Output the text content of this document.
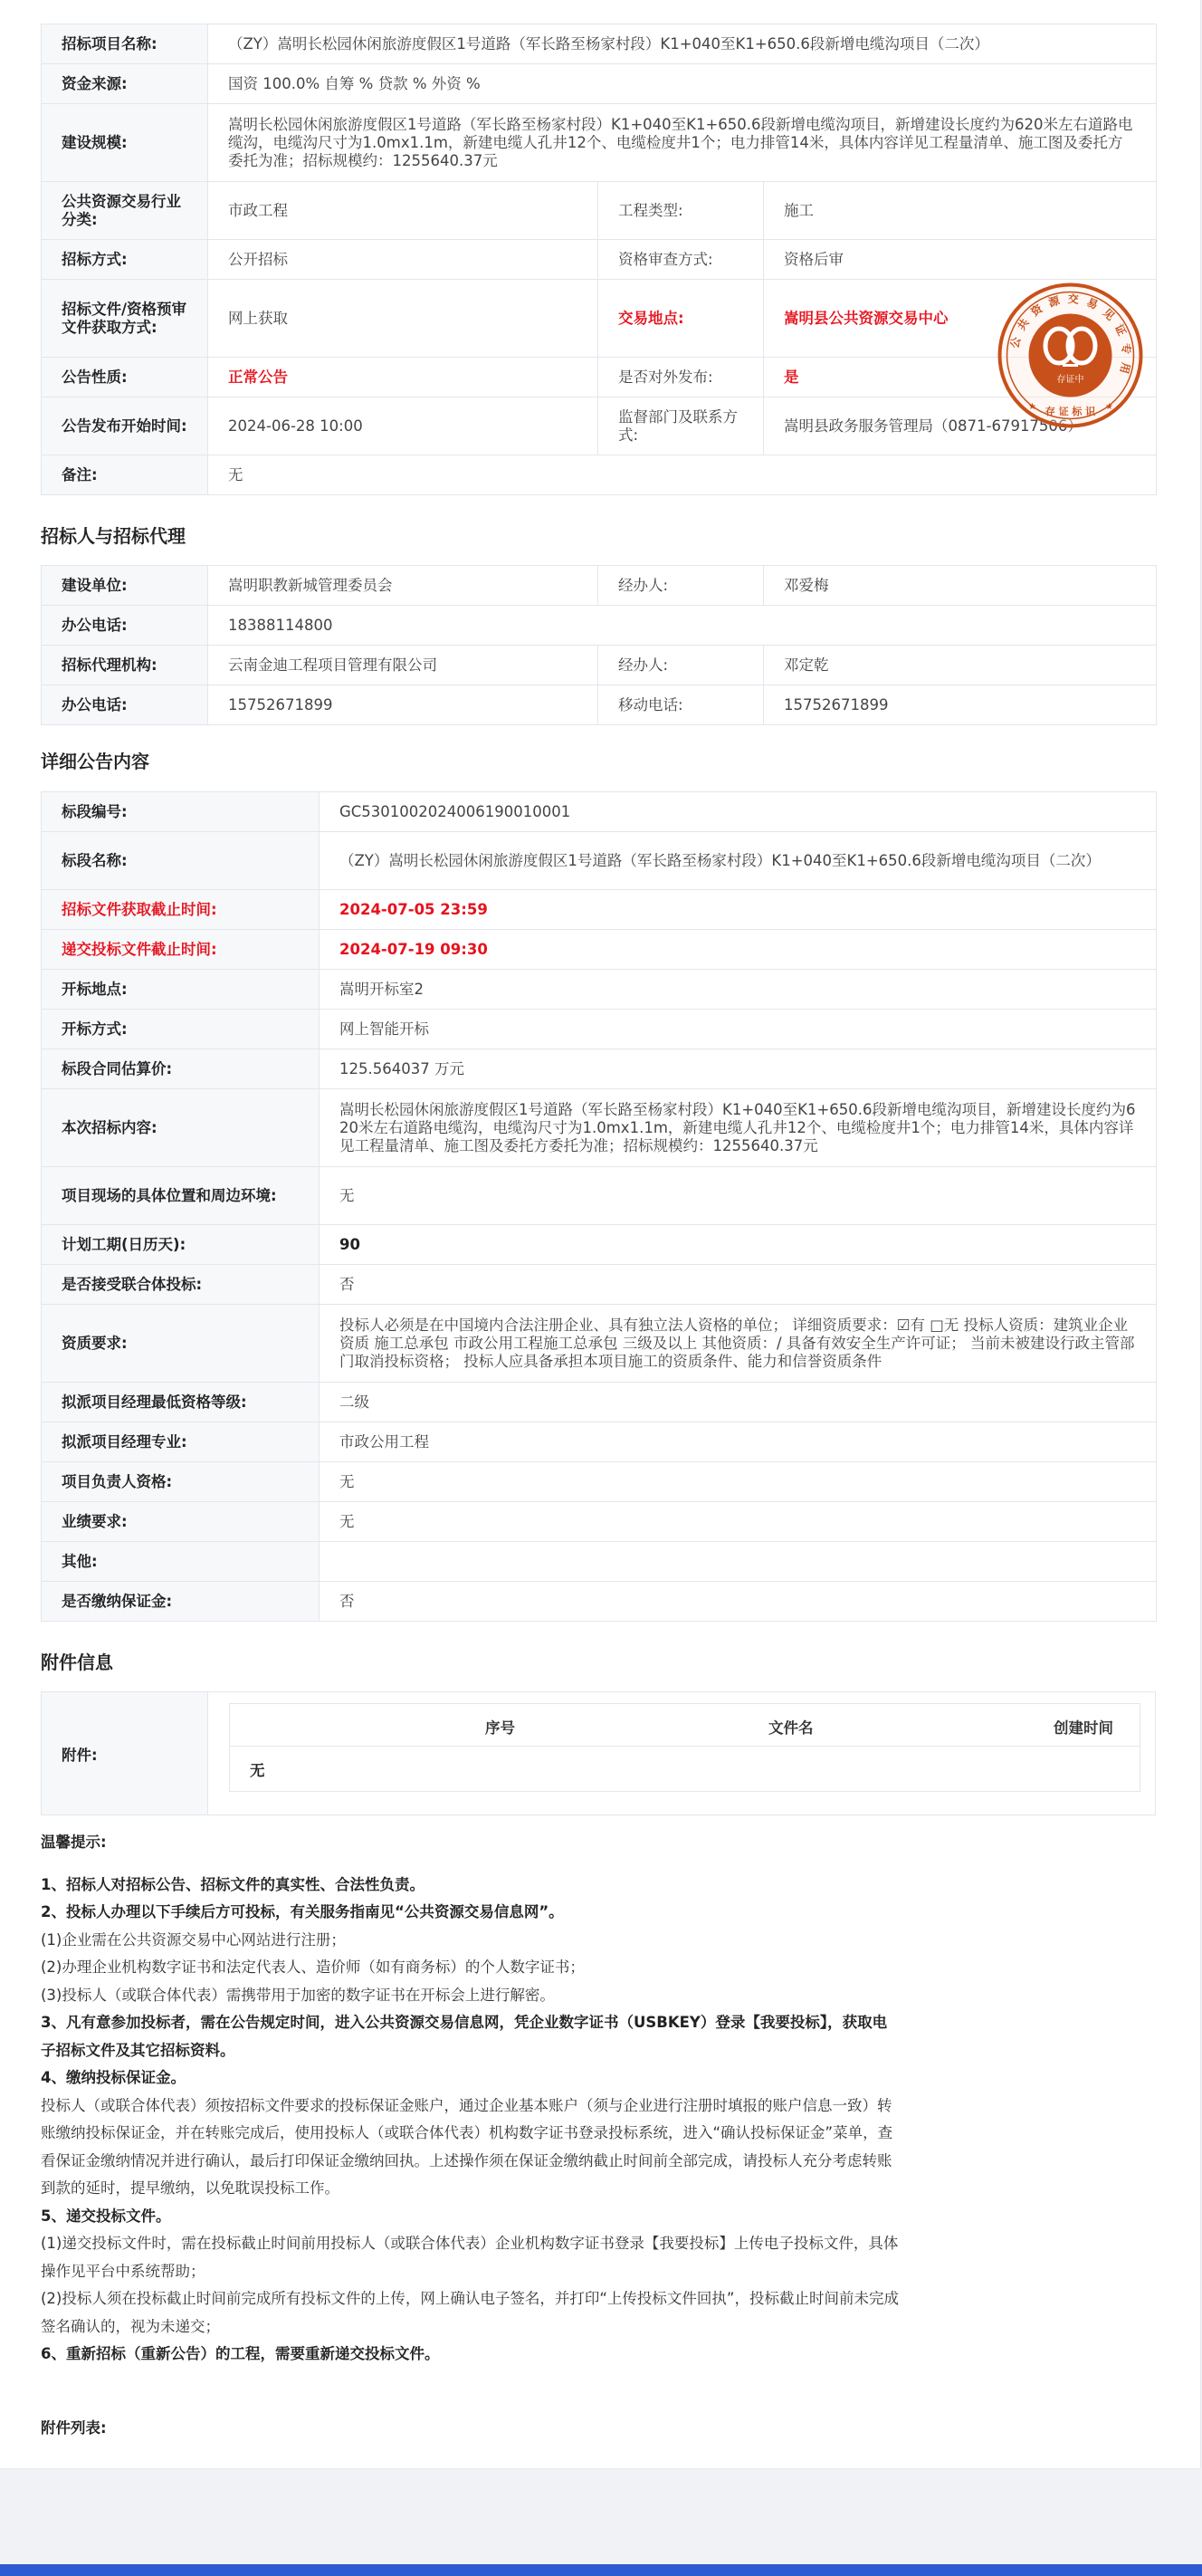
招标项目名称:	（ZY）嵩明长松园休闲旅游度假区1号道路（军长路至杨家村段）K1+040至K1+650.6段新增电缆沟项目（二次）		
资金来源:	国资 100.0% 自筹 % 贷款 % 外资 %		
建设规模:	嵩明长松园休闲旅游度假区1号道路（军长路至杨家村段）K1+040至K1+650.6段新增电缆沟项目，新增建设长度约为620米左右道路电缆沟，电缆沟尺寸为1.0mx1.1m，新建电缆人孔井12个、电缆检度井1个；电力排管14米，具体内容详见工程量清单、施工图及委托方委托为准；招标规模约：1255640.37元		
公共资源交易行业分类:	市政工程	工程类型:	施工
招标方式:	公开招标	资格审查方式:	资格后审
招标文件/资格预审文件获取方式:	网上获取	交易地点:	嵩明县公共资源交易中心
公告性质:	正常公告	是否对外发布:	是
公告发布开始时间:	2024-06-28 10:00	监督部门及联系方式:	嵩明县政务服务管理局（0871-67917506）
备注:	无		
公 共 资 源 交 易 见 证 专 用
存证中
存 证 标 识
★	★
招标人与招标代理
建设单位:	嵩明职教新城管理委员会	经办人:	邓爱梅
办公电话:	18388114800		
招标代理机构:	云南金迪工程项目管理有限公司	经办人:	邓定乾
办公电话:	15752671899	移动电话:	15752671899
详细公告内容
标段编号:	GC5301002024006190010001
标段名称:	（ZY）嵩明长松园休闲旅游度假区1号道路（军长路至杨家村段）K1+040至K1+650.6段新增电缆沟项目（二次）
招标文件获取截止时间:	2024-07-05 23:59
递交投标文件截止时间:	2024-07-19 09:30
开标地点:	嵩明开标室2
开标方式:	网上智能开标
标段合同估算价:	125.564037 万元
本次招标内容:	嵩明长松园休闲旅游度假区1号道路（军长路至杨家村段）K1+040至K1+650.6段新增电缆沟项目，新增建设长度约为620米左右道路电缆沟，电缆沟尺寸为1.0mx1.1m，新建电缆人孔井12个、电缆检度井1个；电力排管14米，具体内容详见工程量清单、施工图及委托方委托为准；招标规模约：1255640.37元
项目现场的具体位置和周边环境:	无
计划工期(日历天):	90
是否接受联合体投标:	否
资质要求:	投标人必须是在中国境内合法注册企业、具有独立法人资格的单位； 详细资质要求：☑有 □无 投标人资质：建筑业企业资质 施工总承包 市政公用工程施工总承包 三级及以上 其他资质：/ 具备有效安全生产许可证； 当前未被建设行政主管部门取消投标资格； 投标人应具备承担本项目施工的资质条件、能力和信誉资质条件
拟派项目经理最低资格等级:	二级
拟派项目经理专业:	市政公用工程
项目负责人资格:	无
业绩要求:	无
其他:	
是否缴纳保证金:	否
附件信息
附件:
序号	文件名	创建时间
无

温馨提示:

1、招标人对招标公告、招标文件的真实性、合法性负责。

2、投标人办理以下手续后方可投标，有关服务指南见“公共资源交易信息网”。

(1)企业需在公共资源交易中心网站进行注册；

(2)办理企业机构数字证书和法定代表人、造价师（如有商务标）的个人数字证书；

(3)投标人（或联合体代表）需携带用于加密的数字证书在开标会上进行解密。

3、凡有意参加投标者，需在公告规定时间，进入公共资源交易信息网，凭企业数字证书（USBKEY）登录【我要投标】，获取电子招标文件及其它招标资料。

4、缴纳投标保证金。

投标人（或联合体代表）须按招标文件要求的投标保证金账户，通过企业基本账户（须与企业进行注册时填报的账户信息一致）转账缴纳投标保证金，并在转账完成后，使用投标人（或联合体代表）机构数字证书登录投标系统，进入“确认投标保证金”菜单，查看保证金缴纳情况并进行确认，最后打印保证金缴纳回执。上述操作须在保证金缴纳截止时间前全部完成，请投标人充分考虑转账到款的延时，提早缴纳，以免耽误投标工作。

5、递交投标文件。

(1)递交投标文件时，需在投标截止时间前用投标人（或联合体代表）企业机构数字证书登录【我要投标】上传电子投标文件，具体操作见平台中系统帮助；

(2)投标人须在投标截止时间前完成所有投标文件的上传，网上确认电子签名，并打印“上传投标文件回执”，投标截止时间前未完成签名确认的，视为未递交；

6、重新招标（重新公告）的工程，需要重新递交投标文件。

附件列表:
